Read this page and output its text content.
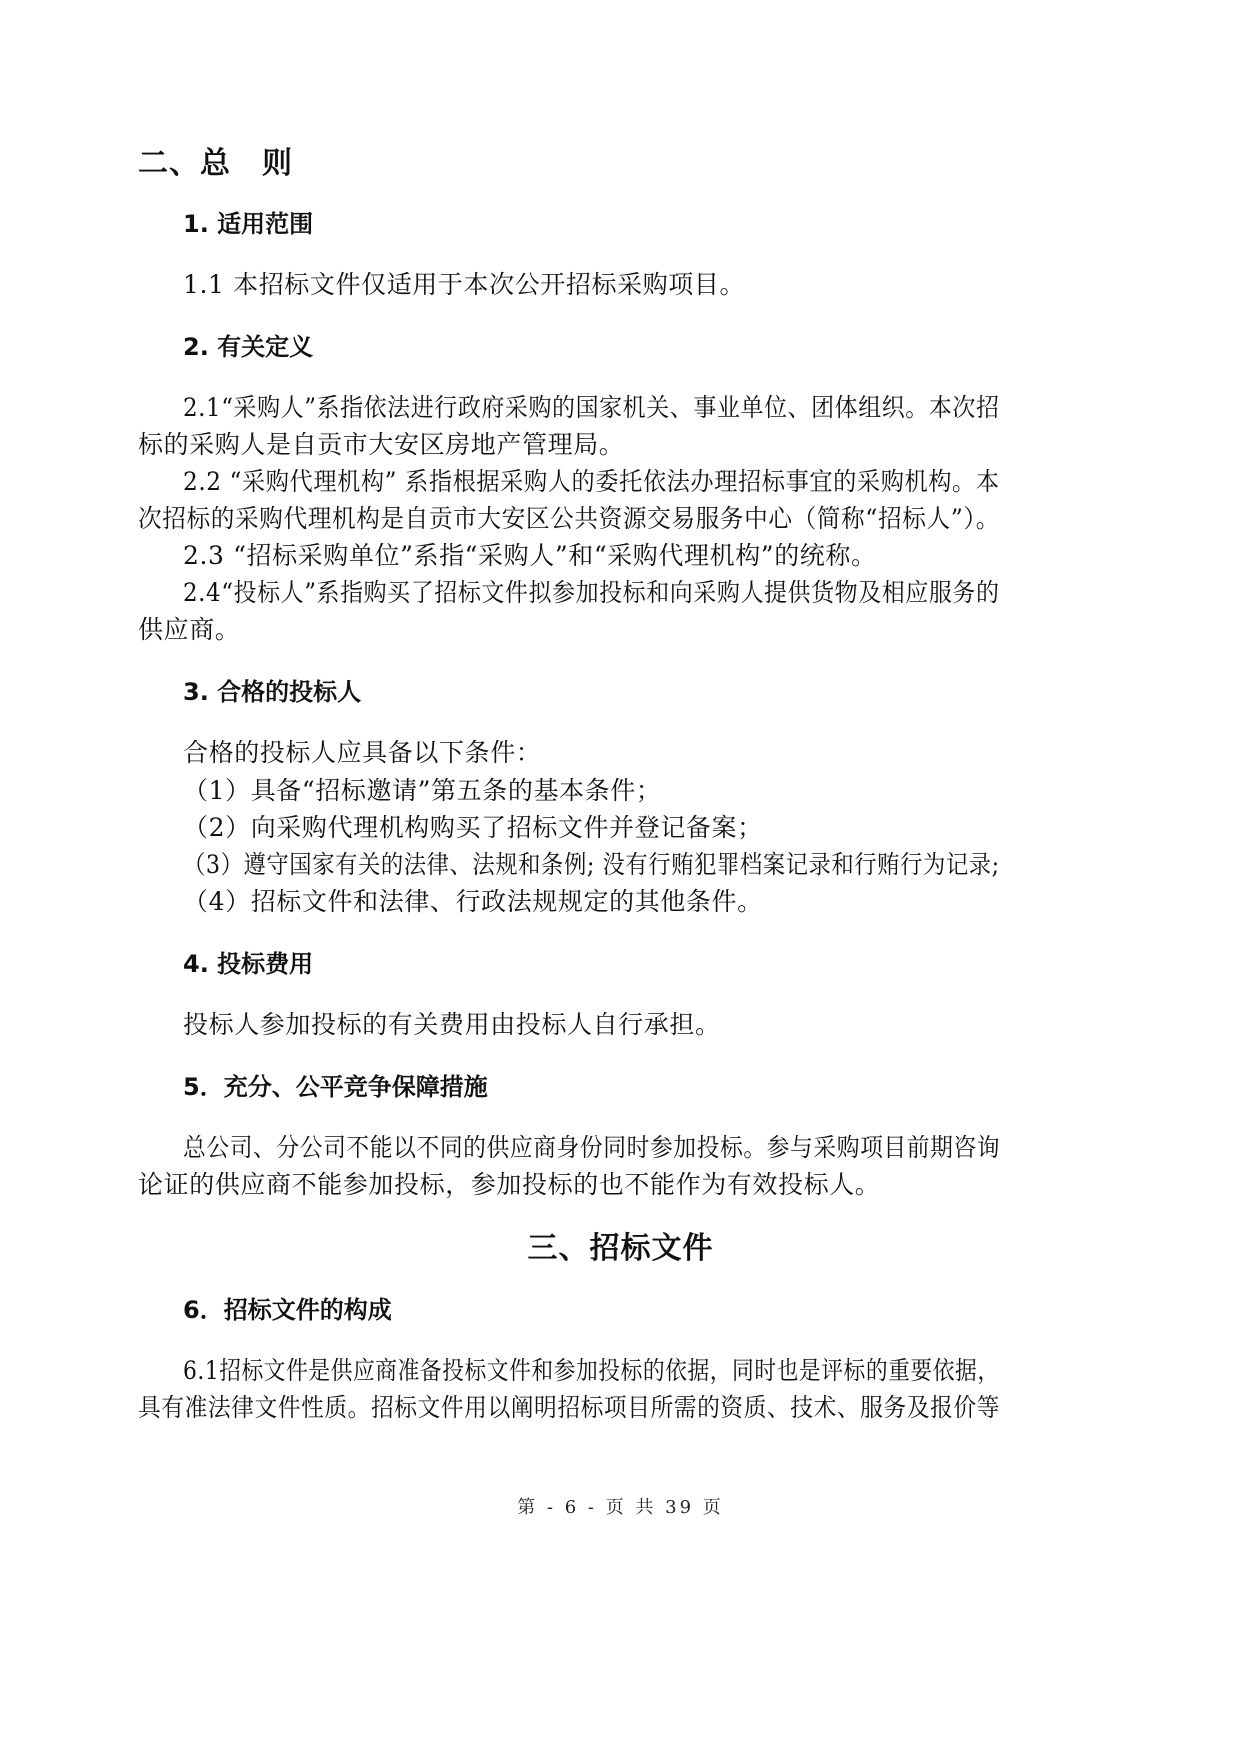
二、总　则
1. 适用范围
1.1 本招标文件仅适用于本次公开招标采购项目。
2. 有关定义
2.1“采购人”系指依法进行政府采购的国家机关、事业单位、团体组织。本次招
标的采购人是自贡市大安区房地产管理局。
2.2 “采购代理机构” 系指根据采购人的委托依法办理招标事宜的采购机构。本
次招标的采购代理机构是自贡市大安区公共资源交易服务中心（简称“招标人”）。
2.3 “招标采购单位”系指“采购人”和“采购代理机构”的统称。
2.4“投标人”系指购买了招标文件拟参加投标和向采购人提供货物及相应服务的
供应商。
3. 合格的投标人
合格的投标人应具备以下条件：
（1）具备“招标邀请”第五条的基本条件；
（2）向采购代理机构购买了招标文件并登记备案；
（3）遵守国家有关的法律、法规和条例; 没有行贿犯罪档案记录和行贿行为记录;
（4）招标文件和法律、行政法规规定的其他条件。
4. 投标费用
投标人参加投标的有关费用由投标人自行承担。
5．充分、公平竞争保障措施
总公司、分公司不能以不同的供应商身份同时参加投标。参与采购项目前期咨询
论证的供应商不能参加投标，参加投标的也不能作为有效投标人。
三、招标文件
6．招标文件的构成
6.1招标文件是供应商准备投标文件和参加投标的依据，同时也是评标的重要依据，
具有准法律文件性质。招标文件用以阐明招标项目所需的资质、技术、服务及报价等
第 - 6 - 页 共 39 页
